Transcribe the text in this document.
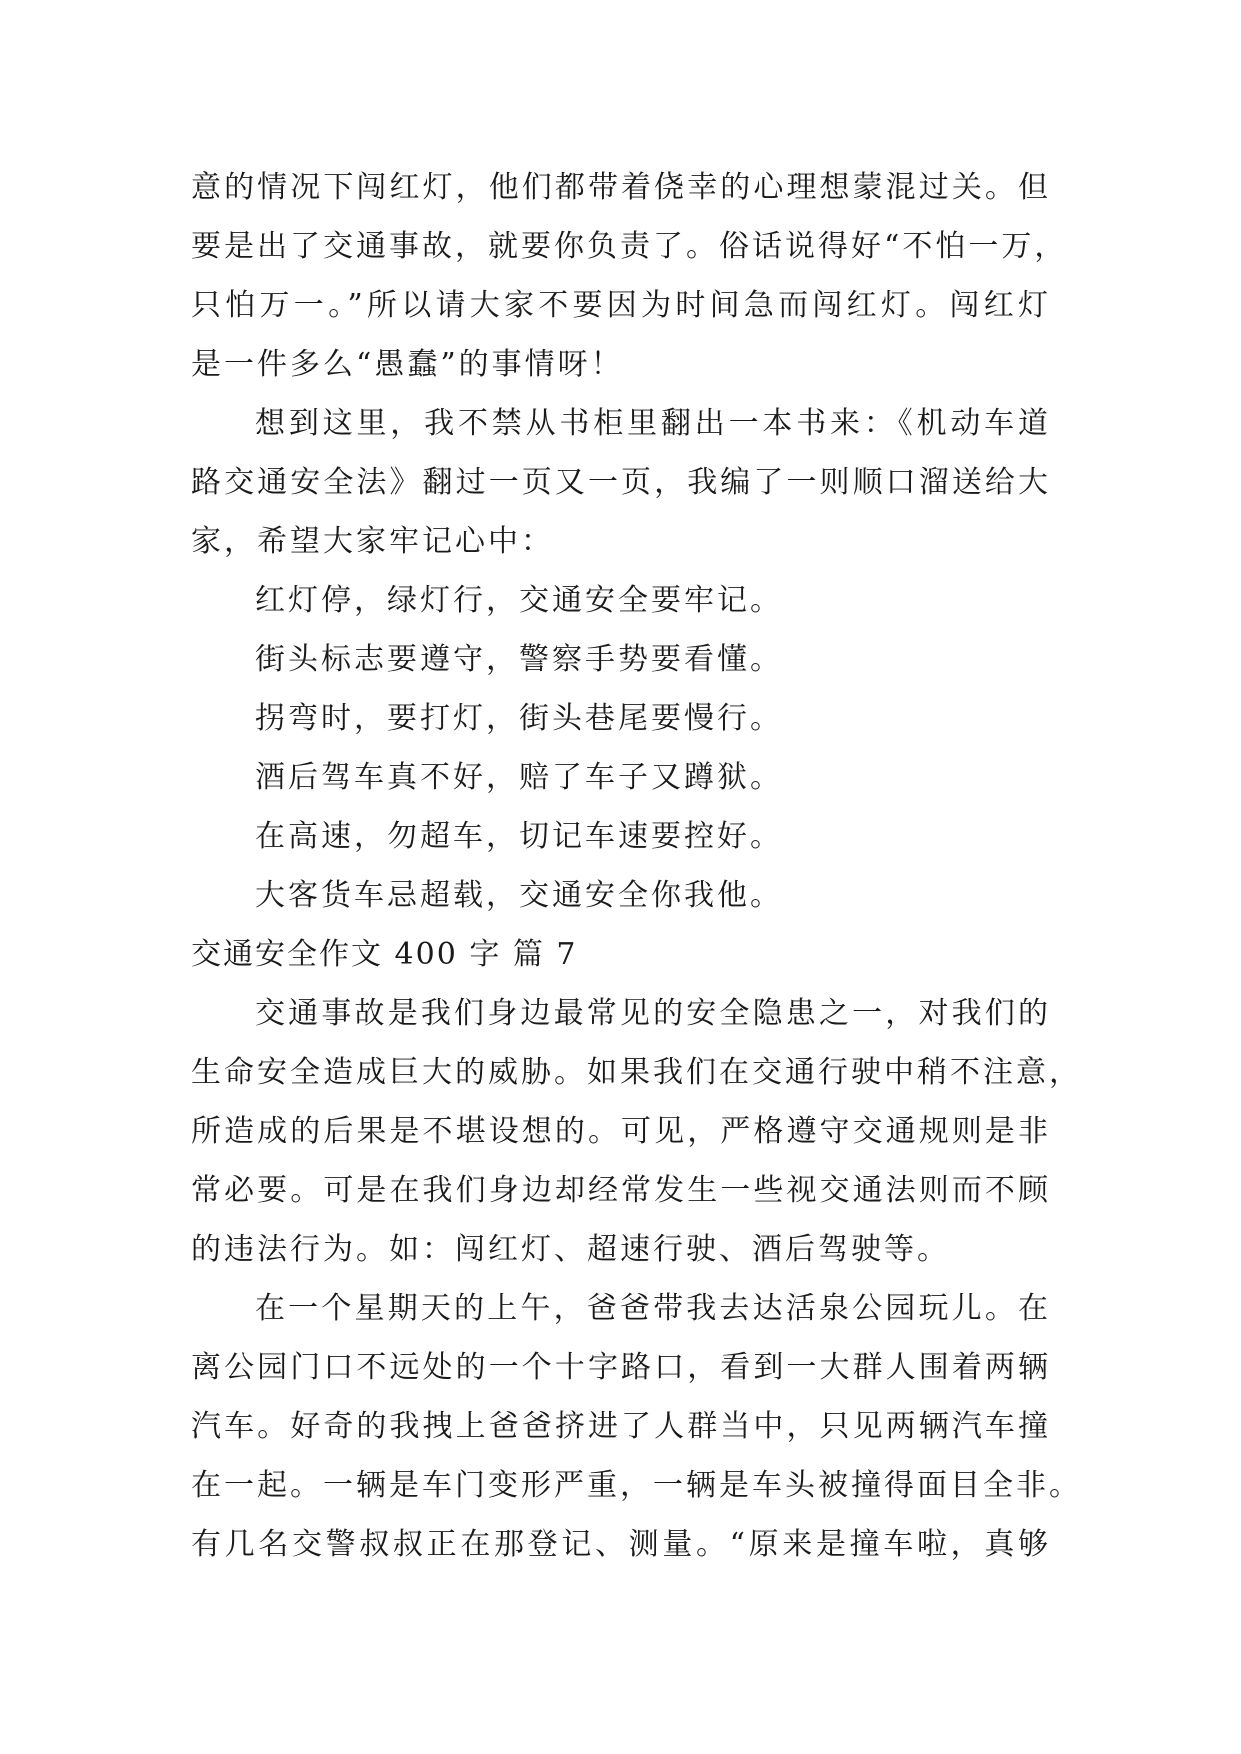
意的情况下闯红灯，他们都带着侥幸的心理想蒙混过关。但
要是出了交通事故，就要你负责了。俗话说得好“不怕一万，
只怕万一。”所以请大家不要因为时间急而闯红灯。闯红灯
是一件多么“愚蠢”的事情呀！
想到这里，我不禁从书柜里翻出一本书来：《机动车道
路交通安全法》翻过一页又一页，我编了一则顺口溜送给大
家，希望大家牢记心中：
红灯停，绿灯行，交通安全要牢记。
街头标志要遵守，警察手势要看懂。
拐弯时，要打灯，街头巷尾要慢行。
酒后驾车真不好，赔了车子又蹲狱。
在高速，勿超车，切记车速要控好。
大客货车忌超载，交通安全你我他。
交通安全作文 400 字 篇 7
交通事故是我们身边最常见的安全隐患之一，对我们的
生命安全造成巨大的威胁。如果我们在交通行驶中稍不注意，
所造成的后果是不堪设想的。可见，严格遵守交通规则是非
常必要。可是在我们身边却经常发生一些视交通法则而不顾
的违法行为。如：闯红灯、超速行驶、酒后驾驶等。
在一个星期天的上午，爸爸带我去达活泉公园玩儿。在
离公园门口不远处的一个十字路口，看到一大群人围着两辆
汽车。好奇的我拽上爸爸挤进了人群当中，只见两辆汽车撞
在一起。一辆是车门变形严重，一辆是车头被撞得面目全非。
有几名交警叔叔正在那登记、测量。“原来是撞车啦，真够
